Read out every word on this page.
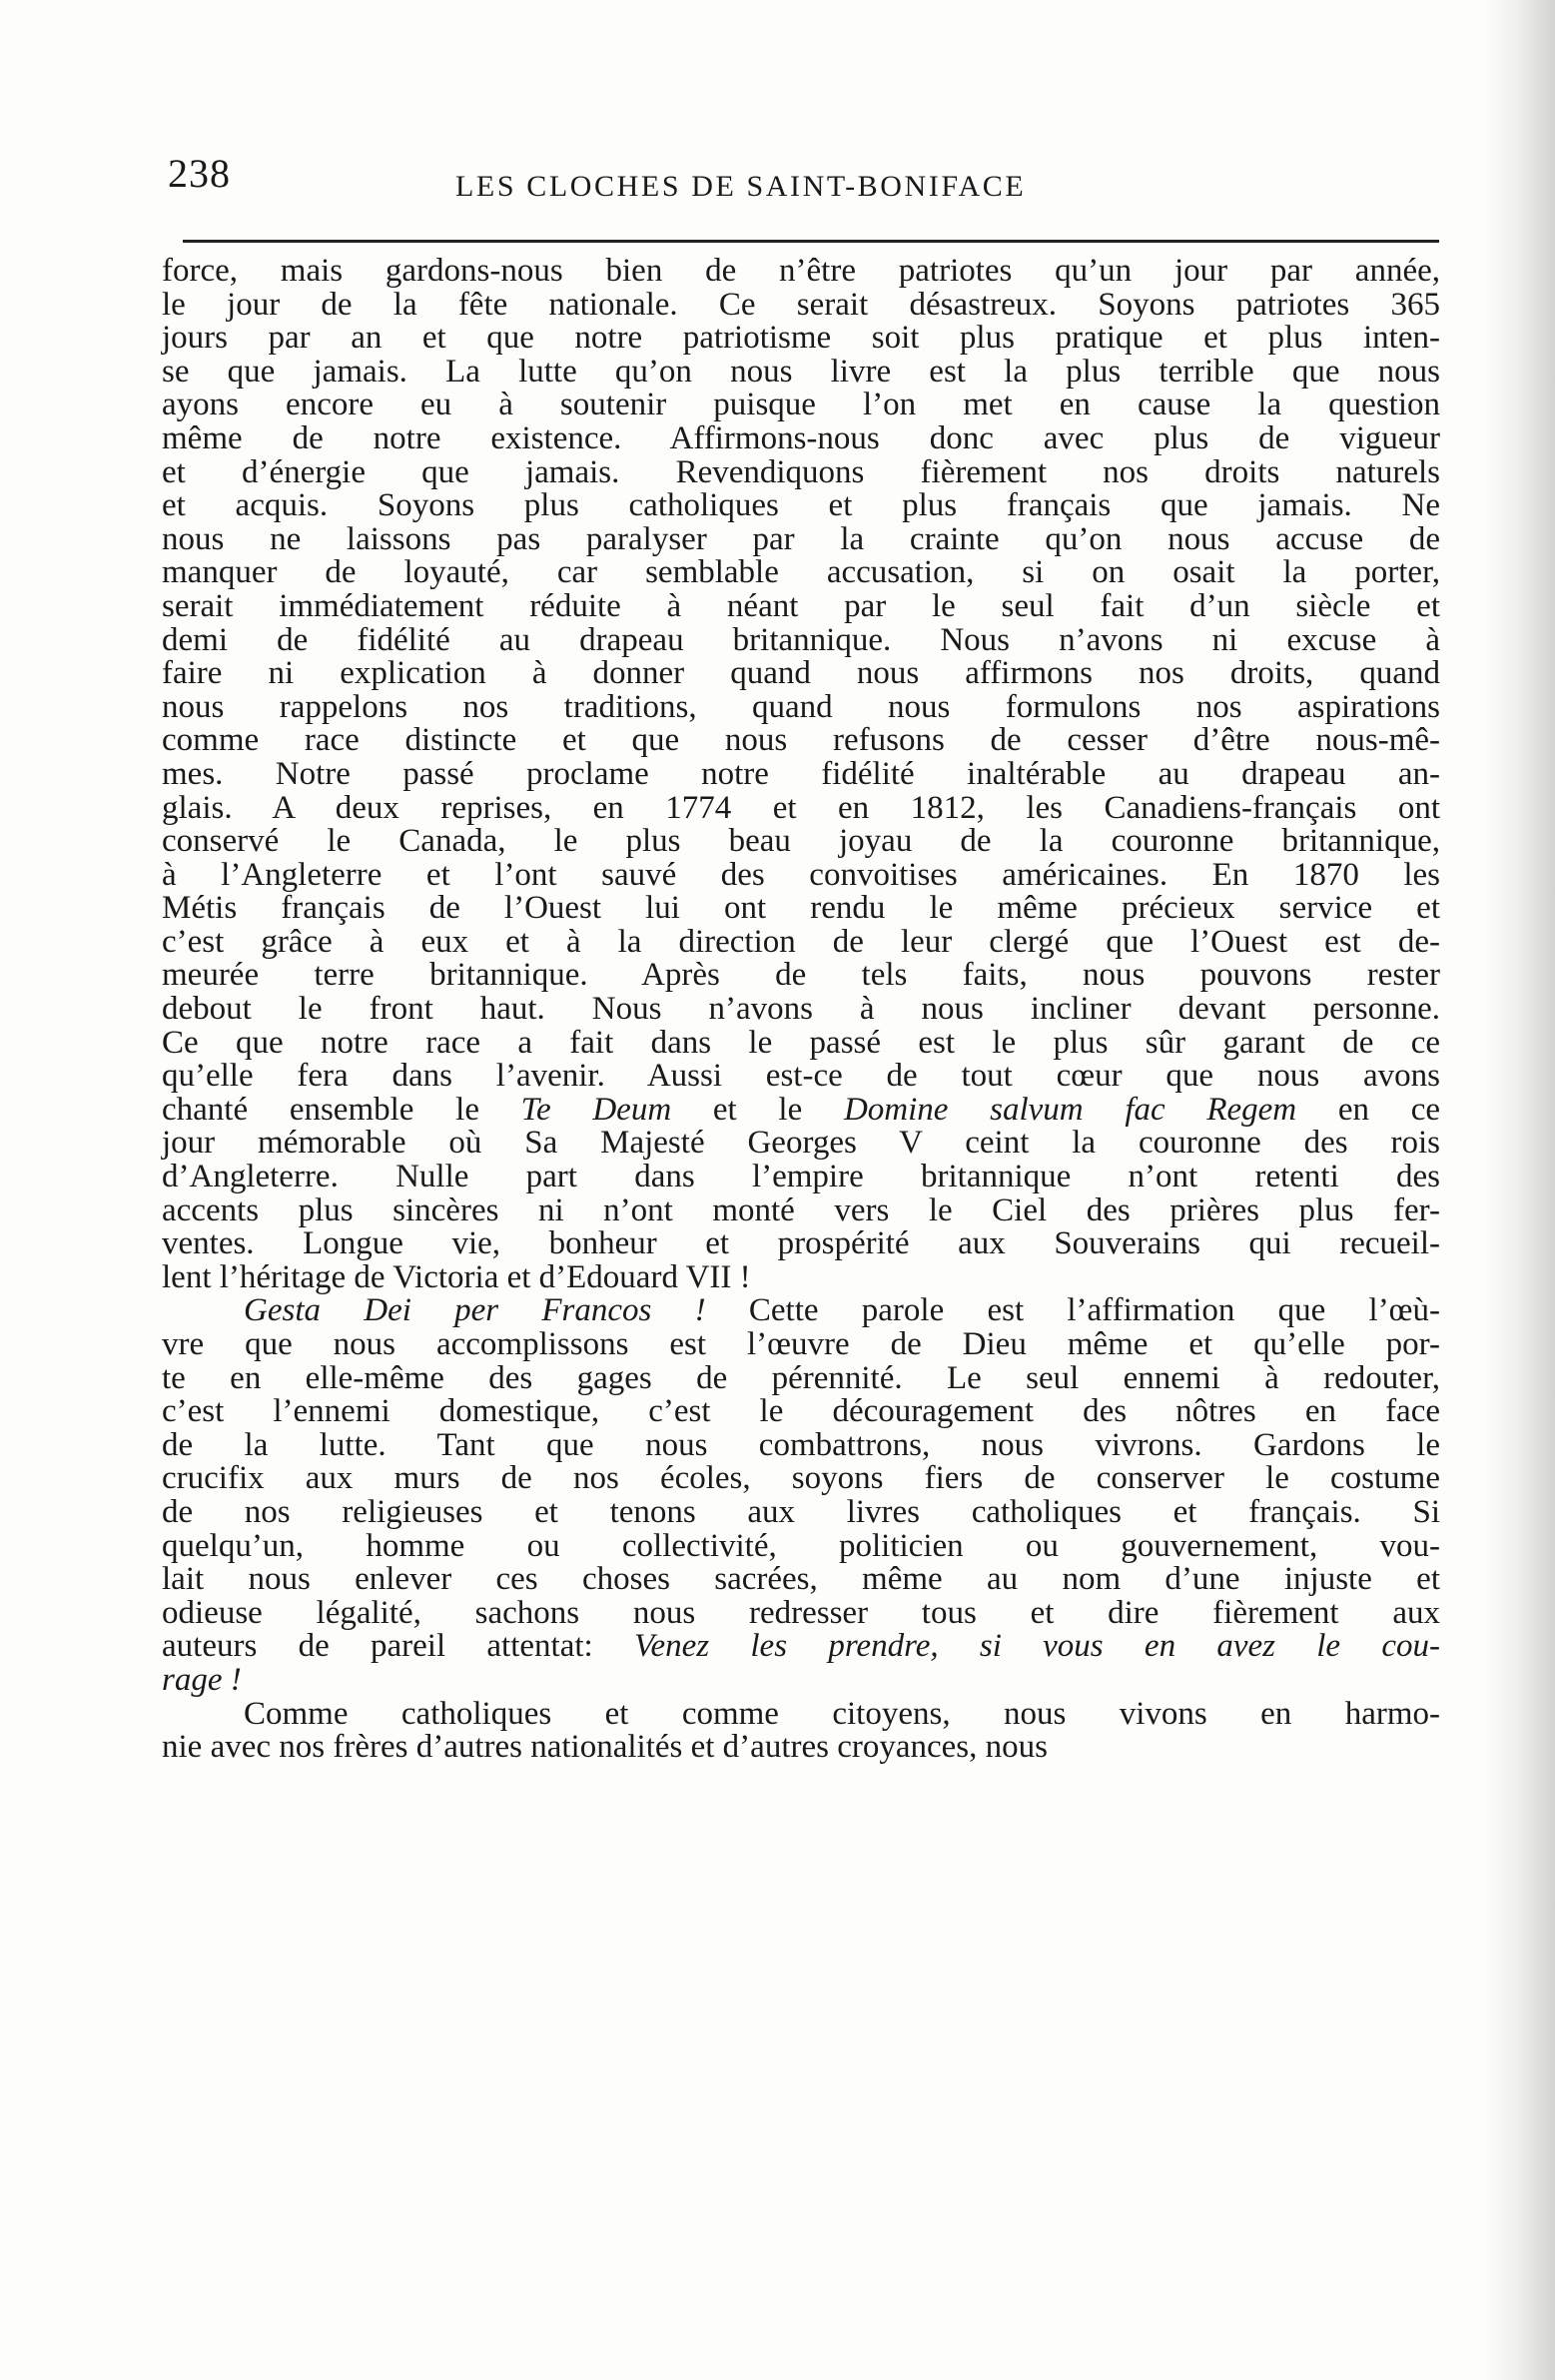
238	LES CLOCHES DE SAINT-BONIFACE
force, mais gardons-nous bien de n’être patriotes qu’un jour par année,
le jour de la fête nationale. Ce serait désastreux. Soyons patriotes 365
jours par an et que notre patriotisme soit plus pratique et plus inten-
se que jamais. La lutte qu’on nous livre est la plus terrible que nous
ayons encore eu à soutenir puisque l’on met en cause la question
même de notre existence. Affirmons-nous donc avec plus de vigueur
et d’énergie que jamais. Revendiquons fièrement nos droits naturels
et acquis. Soyons plus catholiques et plus français que jamais. Ne
nous ne laissons pas paralyser par la crainte qu’on nous accuse de
manquer de loyauté, car semblable accusation, si on osait la porter,
serait immédiatement réduite à néant par le seul fait d’un siècle et
demi de fidélité au drapeau britannique. Nous n’avons ni excuse à
faire ni explication à donner quand nous affirmons nos droits, quand
nous rappelons nos traditions, quand nous formulons nos aspirations
comme race distincte et que nous refusons de cesser d’être nous-mê-
mes. Notre passé proclame notre fidélité inaltérable au drapeau an-
glais. A deux reprises, en 1774 et en 1812, les Canadiens-français ont
conservé le Canada, le plus beau joyau de la couronne britannique,
à l’Angleterre et l’ont sauvé des convoitises américaines. En 1870 les
Métis français de l’Ouest lui ont rendu le même précieux service et
c’est grâce à eux et à la direction de leur clergé que l’Ouest est de-
meurée terre britannique. Après de tels faits, nous pouvons rester
debout le front haut. Nous n’avons à nous incliner devant personne.
Ce que notre race a fait dans le passé est le plus sûr garant de ce
qu’elle fera dans l’avenir. Aussi est-ce de tout cœur que nous avons
chanté ensemble le Te Deum et le Domine salvum fac Regem en ce
jour mémorable où Sa Majesté Georges V ceint la couronne des rois
d’Angleterre. Nulle part dans l’empire britannique n’ont retenti des
accents plus sincères ni n’ont monté vers le Ciel des prières plus fer-
ventes. Longue vie, bonheur et prospérité aux Souverains qui recueil-
lent l’héritage de Victoria et d’Edouard VII !
Gesta Dei per Francos ! Cette parole est l’affirmation que l’œù-
vre que nous accomplissons est l’œuvre de Dieu même et qu’elle por-
te en elle-même des gages de pérennité. Le seul ennemi à redouter,
c’est l’ennemi domestique, c’est le découragement des nôtres en face
de la lutte. Tant que nous combattrons, nous vivrons. Gardons le
crucifix aux murs de nos écoles, soyons fiers de conserver le costume
de nos religieuses et tenons aux livres catholiques et français. Si
quelqu’un, homme ou collectivité, politicien ou gouvernement, vou-
lait nous enlever ces choses sacrées, même au nom d’une injuste et
odieuse légalité, sachons nous redresser tous et dire fièrement aux
auteurs de pareil attentat: Venez les prendre, si vous en avez le cou-
rage !
Comme catholiques et comme citoyens, nous vivons en harmo-
nie avec nos frères d’autres nationalités et d’autres croyances, nous
